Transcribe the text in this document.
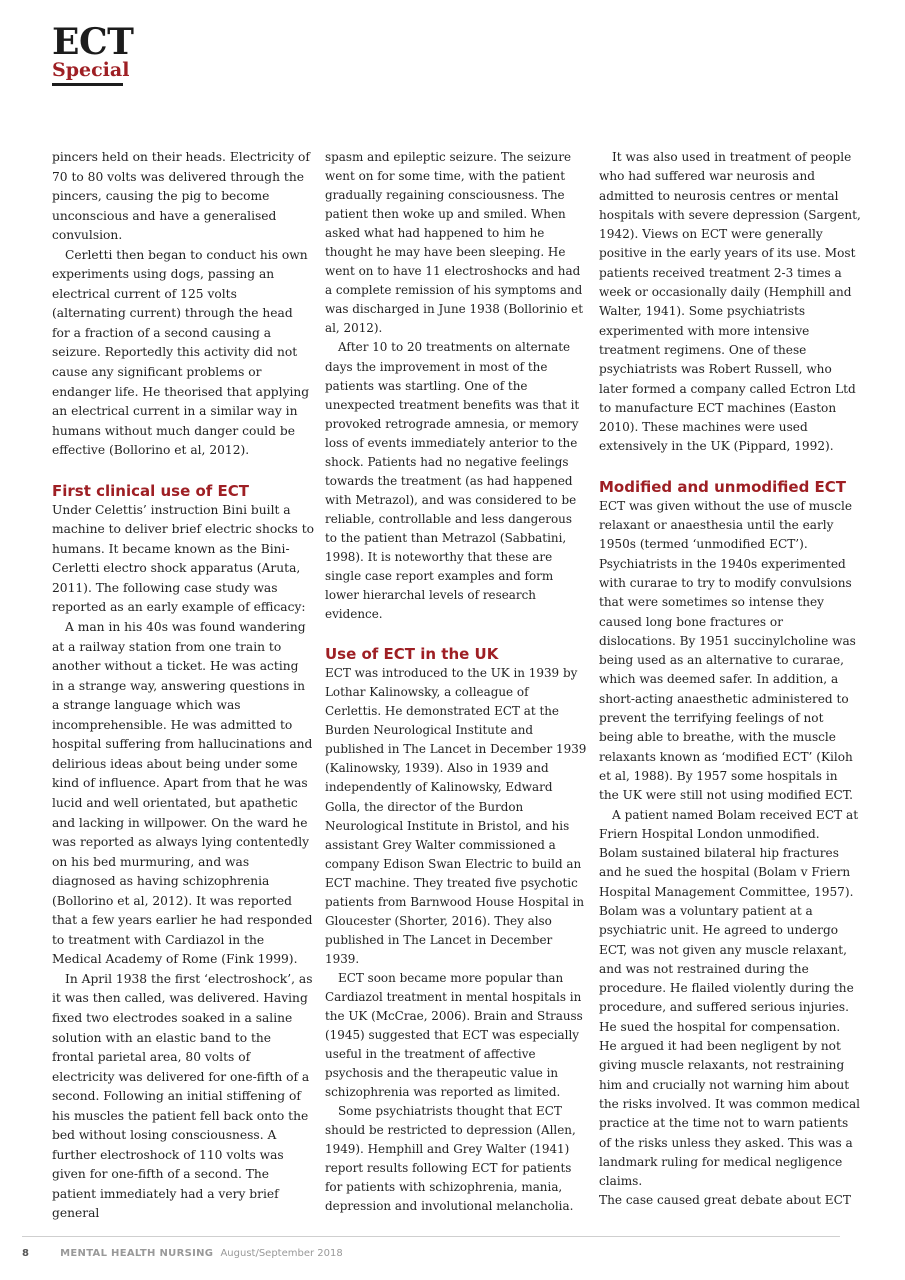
ECT
Special

pincers held on their heads. Electricity of 70 to 80 volts was delivered through the pincers, causing the pig to become unconscious and have a generalised convulsion.

Cerletti then began to conduct his own experiments using dogs, passing an electrical current of 125 volts (alternating current) through the head for a fraction of a second causing a seizure. Reportedly this activity did not cause any significant problems or endanger life. He theorised that applying an electrical current in a similar way in humans without much danger could be effective (Bollorino et al, 2012).

First clinical use of ECT

Under Celettis’ instruction Bini built a machine to deliver brief electric shocks to humans. It became known as the Bini-Cerletti electro shock apparatus (Aruta, 2011). The following case study was reported as an early example of efficacy:

A man in his 40s was found wandering at a railway station from one train to another without a ticket. He was acting in a strange way, answering questions in a strange language which was incomprehensible. He was admitted to hospital suffering from hallucinations and delirious ideas about being under some kind of influence. Apart from that he was lucid and well orientated, but apathetic and lacking in willpower. On the ward he was reported as always lying contentedly on his bed murmuring, and was diagnosed as having schizophrenia (Bollorino et al, 2012). It was reported that a few years earlier he had responded to treatment with Cardiazol in the Medical Academy of Rome (Fink 1999).

In April 1938 the first ‘electroshock’, as it was then called, was delivered. Having fixed two electrodes soaked in a saline solution with an elastic band to the frontal parietal area, 80 volts of electricity was delivered for one-fifth of a second. Following an initial stiffening of his muscles the patient fell back onto the bed without losing consciousness. A further electroshock of 110 volts was given for one-fifth of a second. The patient immediately had a very brief general

spasm and epileptic seizure. The seizure went on for some time, with the patient gradually regaining consciousness. The patient then woke up and smiled. When asked what had happened to him he thought he may have been sleeping. He went on to have 11 electroshocks and had a complete remission of his symptoms and was discharged in June 1938 (Bollorinio et al, 2012).

After 10 to 20 treatments on alternate days the improvement in most of the patients was startling. One of the unexpected treatment benefits was that it provoked retrograde amnesia, or memory loss of events immediately anterior to the shock. Patients had no negative feelings towards the treatment (as had happened with Metrazol), and was considered to be reliable, controllable and less dangerous to the patient than Metrazol (Sabbatini, 1998). It is noteworthy that these are single case report examples and form lower hierarchal levels of research evidence.

Use of ECT in the UK

ECT was introduced to the UK in 1939 by Lothar Kalinowsky, a colleague of Cerlettis. He demonstrated ECT at the Burden Neurological Institute and published in The Lancet in December 1939 (Kalinowsky, 1939). Also in 1939 and independently of Kalinowsky, Edward Golla, the director of the Burdon Neurological Institute in Bristol, and his assistant Grey Walter commissioned a company Edison Swan Electric to build an ECT machine. They treated five psychotic patients from Barnwood House Hospital in Gloucester (Shorter, 2016). They also published in The Lancet in December 1939.

ECT soon became more popular than Cardiazol treatment in mental hospitals in the UK (McCrae, 2006). Brain and Strauss (1945) suggested that ECT was especially useful in the treatment of affective psychosis and the therapeutic value in schizophrenia was reported as limited.

Some psychiatrists thought that ECT should be restricted to depression (Allen, 1949). Hemphill and Grey Walter (1941) report results following ECT for patients for patients with schizophrenia, mania, depression and involutional melancholia.

It was also used in treatment of people who had suffered war neurosis and admitted to neurosis centres or mental hospitals with severe depression (Sargent, 1942). Views on ECT were generally positive in the early years of its use. Most patients received treatment 2-3 times a week or occasionally daily (Hemphill and Walter, 1941). Some psychiatrists experimented with more intensive treatment regimens. One of these psychiatrists was Robert Russell, who later formed a company called Ectron Ltd to manufacture ECT machines (Easton 2010). These machines were used extensively in the UK (Pippard, 1992).

Modified and unmodified ECT

ECT was given without the use of muscle relaxant or anaesthesia until the early 1950s (termed ‘unmodified ECT’). Psychiatrists in the 1940s experimented with curarae to try to modify convulsions that were sometimes so intense they caused long bone fractures or dislocations. By 1951 succinylcholine was being used as an alternative to curarae, which was deemed safer. In addition, a short-acting anaesthetic administered to prevent the terrifying feelings of not being able to breathe, with the muscle relaxants known as ‘modified ECT’ (Kiloh et al, 1988). By 1957 some hospitals in the UK were still not using modified ECT.

A patient named Bolam received ECT at Friern Hospital London unmodified. Bolam sustained bilateral hip fractures and he sued the hospital (Bolam v Friern Hospital Management Committee, 1957). Bolam was a voluntary patient at a psychiatric unit. He agreed to undergo ECT, was not given any muscle relaxant, and was not restrained during the procedure. He flailed violently during the procedure, and suffered serious injuries. He sued the hospital for compensation. He argued it had been negligent by not giving muscle relaxants, not restraining him and crucially not warning him about the risks involved. It was common medical practice at the time not to warn patients of the risks unless they asked. This was a landmark ruling for medical negligence claims.

The case caused great debate about ECT

8	MENTAL HEALTH NURSING August/September 2018
